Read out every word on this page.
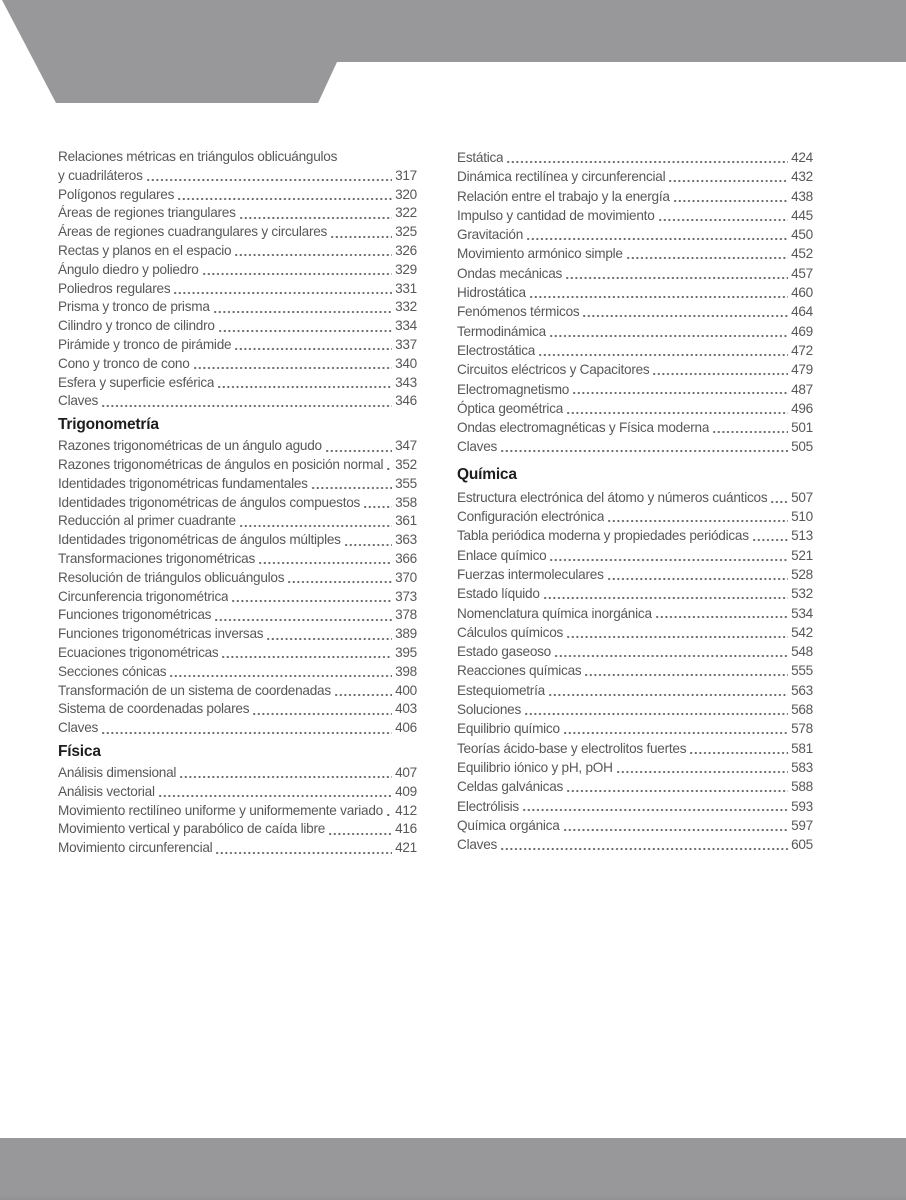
Relaciones métricas en triángulos oblicuángulos
y cuadriláteros	317
Polígonos regulares	320
Áreas de regiones triangulares	322
Áreas de regiones cuadrangulares y circulares	325
Rectas y planos en el espacio	326
Ángulo diedro y poliedro	329
Poliedros regulares	331
Prisma y tronco de prisma	332
Cilindro y tronco de cilindro	334
Pirámide y tronco de pirámide	337
Cono y tronco de cono	340
Esfera y superficie esférica	343
Claves	346
Trigonometría
Razones trigonométricas de un ángulo agudo	347
Razones trigonométricas de ángulos en posición normal 352
Identidades trigonométricas fundamentales	355
Identidades trigonométricas de ángulos compuestos	358
Reducción al primer cuadrante	361
Identidades trigonométricas de ángulos múltiples	363
Transformaciones trigonométricas	366
Resolución de triángulos oblicuángulos	370
Circunferencia trigonométrica	373
Funciones trigonométricas	378
Funciones trigonométricas inversas	389
Ecuaciones trigonométricas	395
Secciones cónicas	398
Transformación de un sistema de coordenadas	400
Sistema de coordenadas polares	403
Claves	406
Física
Análisis dimensional	407
Análisis vectorial	409
Movimiento rectilíneo uniforme y uniformemente variado 412
Movimiento vertical y parabólico de caída libre	416
Movimiento circunferencial	421
Estática	424
Dinámica rectilínea y circunferencial	432
Relación entre el trabajo y la energía	438
Impulso y cantidad de movimiento	445
Gravitación	450
Movimiento armónico simple	452
Ondas mecánicas	457
Hidrostática	460
Fenómenos térmicos	464
Termodinámica	469
Electrostática	472
Circuitos eléctricos y Capacitores	479
Electromagnetismo	487
Óptica geométrica	496
Ondas electromagnéticas y Física moderna	501
Claves	505
Química
Estructura electrónica del átomo y números cuánticos 507
Configuración electrónica	510
Tabla periódica moderna y propiedades periódicas	513
Enlace químico	521
Fuerzas intermoleculares	528
Estado líquido	532
Nomenclatura química inorgánica	534
Cálculos químicos	542
Estado gaseoso	548
Reacciones químicas	555
Estequiometría	563
Soluciones	568
Equilibrio químico	578
Teorías ácido-base y electrolitos fuertes	581
Equilibrio iónico y pH, pOH	583
Celdas galvánicas	588
Electrólisis	593
Química orgánica	597
Claves	605
